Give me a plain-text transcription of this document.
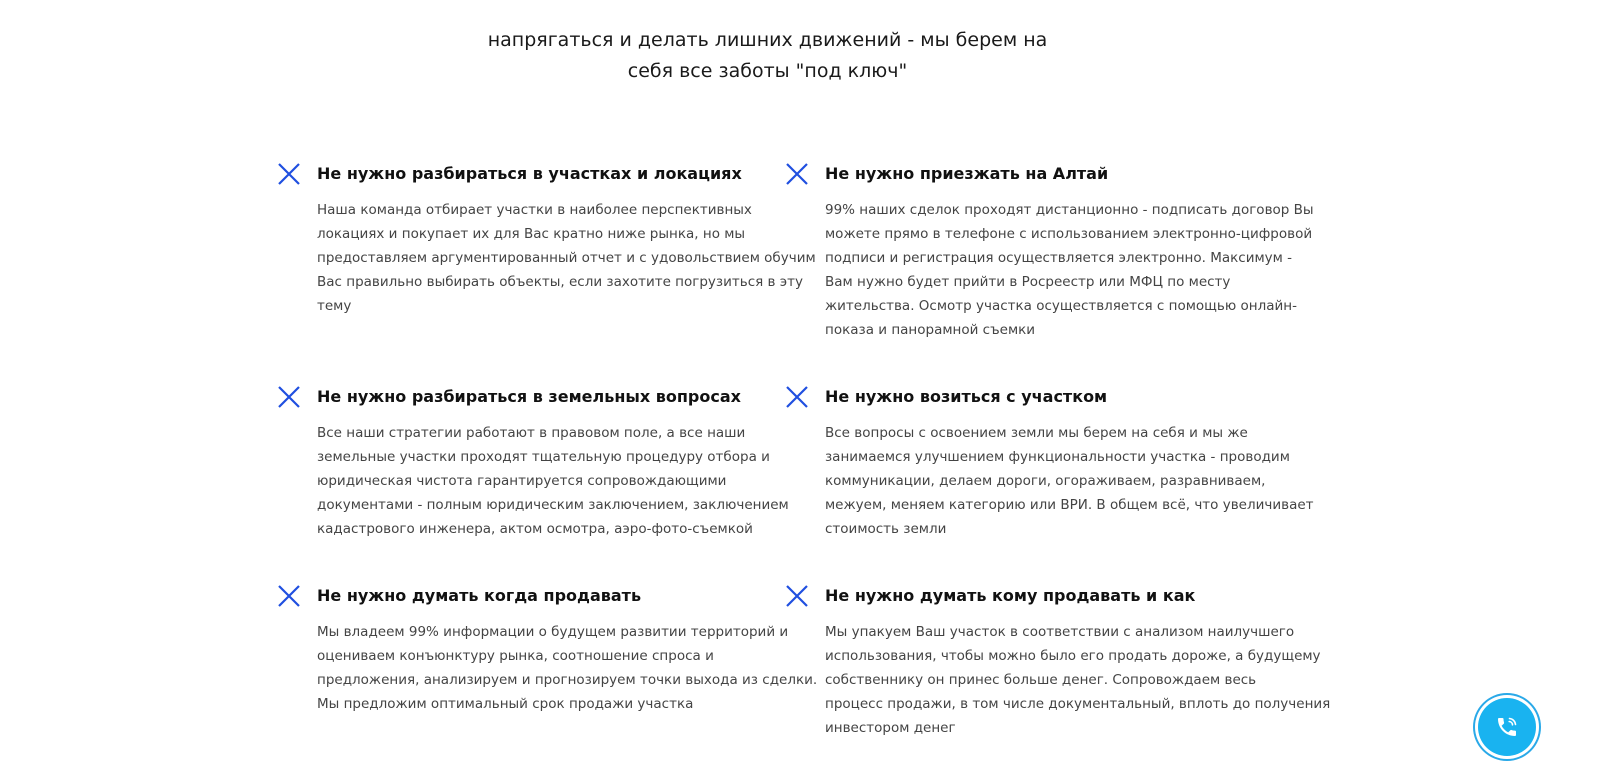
напрягаться и делать лишних движений - мы берем на
себя все заботы "под ключ"
Не нужно разбираться в участках и локациях
Наша команда отбирает участки в наиболее перспективных
локациях и покупает их для Вас кратно ниже рынка, но мы
предоставляем аргументированный отчет и с удовольствием обучим
Вас правильно выбирать объекты, если захотите погрузиться в эту
тему
Не нужно приезжать на Алтай
99% наших сделок проходят дистанционно - подписать договор Вы
можете прямо в телефоне с использованием электронно-цифровой
подписи и регистрация осуществляется электронно. Максимум -
Вам нужно будет прийти в Росреестр или МФЦ по месту
жительства. Осмотр участка осуществляется с помощью онлайн-
показа и панорамной съемки
Не нужно разбираться в земельных вопросах
Все наши стратегии работают в правовом поле, а все наши
земельные участки проходят тщательную процедуру отбора и
юридическая чистота гарантируется сопровождающими
документами - полным юридическим заключением, заключением
кадастрового инженера, актом осмотра, аэро-фото-съемкой
Не нужно возиться с участком
Все вопросы с освоением земли мы берем на себя и мы же
занимаемся улучшением функциональности участка - проводим
коммуникации, делаем дороги, огораживаем, разравниваем,
межуем, меняем категорию или ВРИ. В общем всё, что увеличивает
стоимость земли
Не нужно думать когда продавать
Мы владеем 99% информации о будущем развитии территорий и
оцениваем конъюнктуру рынка, соотношение спроса и
предложения, анализируем и прогнозируем точки выхода из сделки.
Мы предложим оптимальный срок продажи участка
Не нужно думать кому продавать и как
Мы упакуем Ваш участок в соответствии с анализом наилучшего
использования, чтобы можно было его продать дороже, а будущему
собственнику он принес больше денег. Сопровождаем весь
процесс продажи, в том числе документальный, вплоть до получения
инвестором денег
